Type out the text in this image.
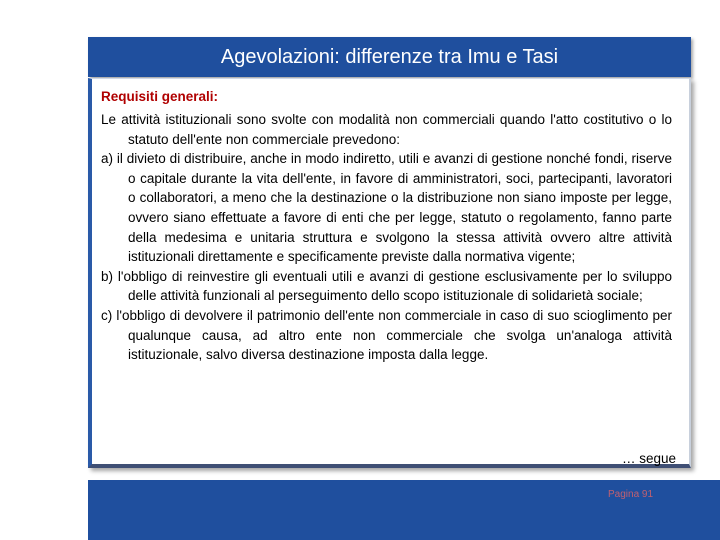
Agevolazioni: differenze tra Imu e Tasi
Requisiti generali:

Le attività istituzionali sono svolte con modalità non commerciali quando l'atto costitutivo o lo statuto dell'ente non commerciale prevedono:

a) il divieto di distribuire, anche in modo indiretto, utili e avanzi di gestione nonché fondi, riserve o capitale durante la vita dell'ente, in favore di amministratori, soci, partecipanti, lavoratori o collaboratori, a meno che la destinazione o la distribuzione non siano imposte per legge, ovvero siano effettuate a favore di enti che per legge, statuto o regolamento, fanno parte della medesima e unitaria struttura e svolgono la stessa attività ovvero altre attività istituzionali direttamente e specificamente previste dalla normativa vigente;

b) l'obbligo di reinvestire gli eventuali utili e avanzi di gestione esclusivamente per lo sviluppo delle attività funzionali al perseguimento dello scopo istituzionale di solidarietà sociale;

c) l'obbligo di devolvere il patrimonio dell'ente non commerciale in caso di suo scioglimento per qualunque causa, ad altro ente non commerciale che svolga un'analoga attività istituzionale, salvo diversa destinazione imposta dalla legge.

… segue
Pagina 91
